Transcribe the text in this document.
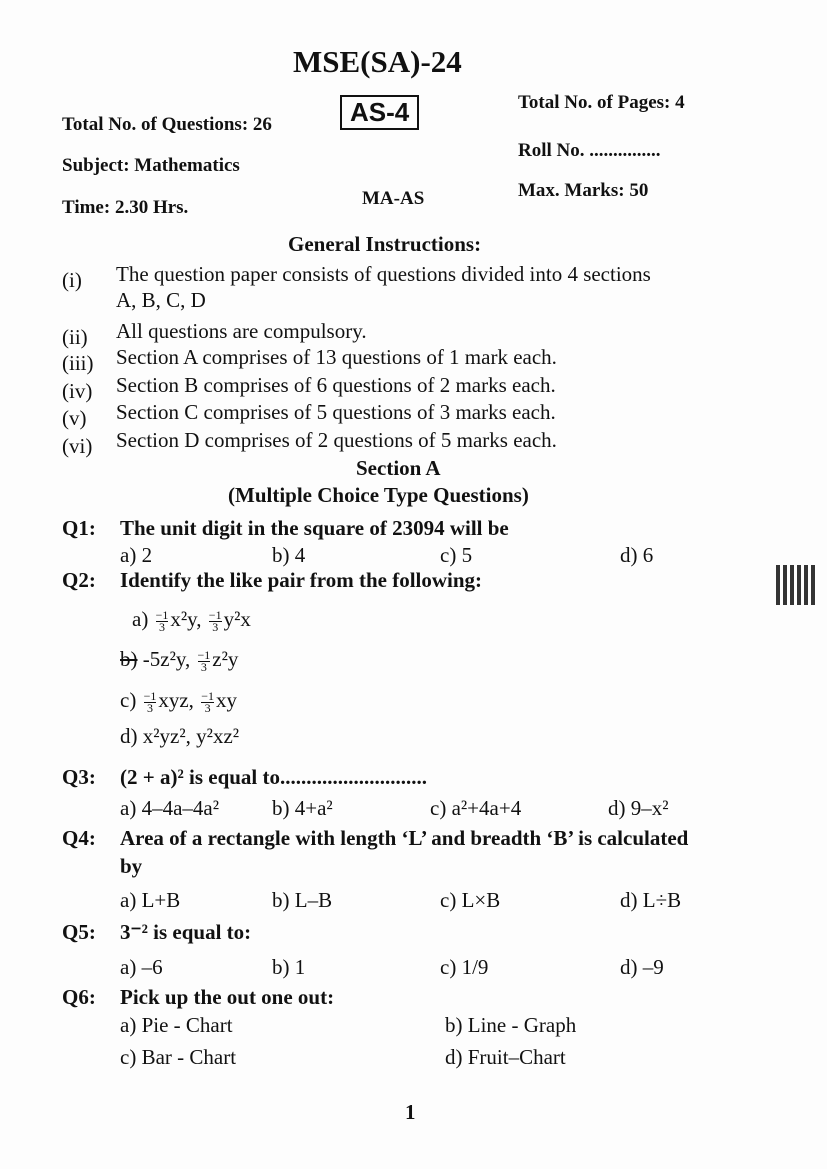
MSE(SA)-24
Total No. of Questions: 26	AS-4	Total No. of Pages: 4
Subject: Mathematics
Roll No. ...............
Time: 2.30 Hrs.	MA-AS	Max. Marks: 50
General Instructions:
(i) The question paper consists of questions divided into 4 sections
A, B, C, D
(ii) All questions are compulsory.
(iii) Section A comprises of 13 questions of 1 mark each.
(iv) Section B comprises of 6 questions of 2 marks each.
(v) Section C comprises of 5 questions of 3 marks each.
(vi) Section D comprises of 2 questions of 5 marks each.
Section A
(Multiple Choice Type Questions)
Q1: The unit digit in the square of 23094 will be
a) 2	b) 4	c) 5	d) 6
Q2: Identify the like pair from the following:
Q3: (2 + a)² is equal to............................
a) 4–4a–4a²	b) 4+a²	c) a²+4a+4	d) 9–x²
Q4: Area of a rectangle with length ‘L’ and breadth ‘B’ is calculated
by
a) L+B	b) L–B	c) L×B	d) L÷B
Q5: 3⁻² is equal to:
a) –6	b) 1	c) 1/9	d) –9
Q6: Pick up the out one out:
a) Pie - Chart	b) Line - Graph
c) Bar - Chart	d) Fruit–Chart
$a) \frac{-1}{3} x^2y$, $\frac{-1}{3} y^2x$
b) -5z²y, $\frac{-1}{3} z^2y$
$c) \frac{-1}{3}$ xyz, $\frac{-1}{3}$ xy
d) x²yz², y²xz²
1
